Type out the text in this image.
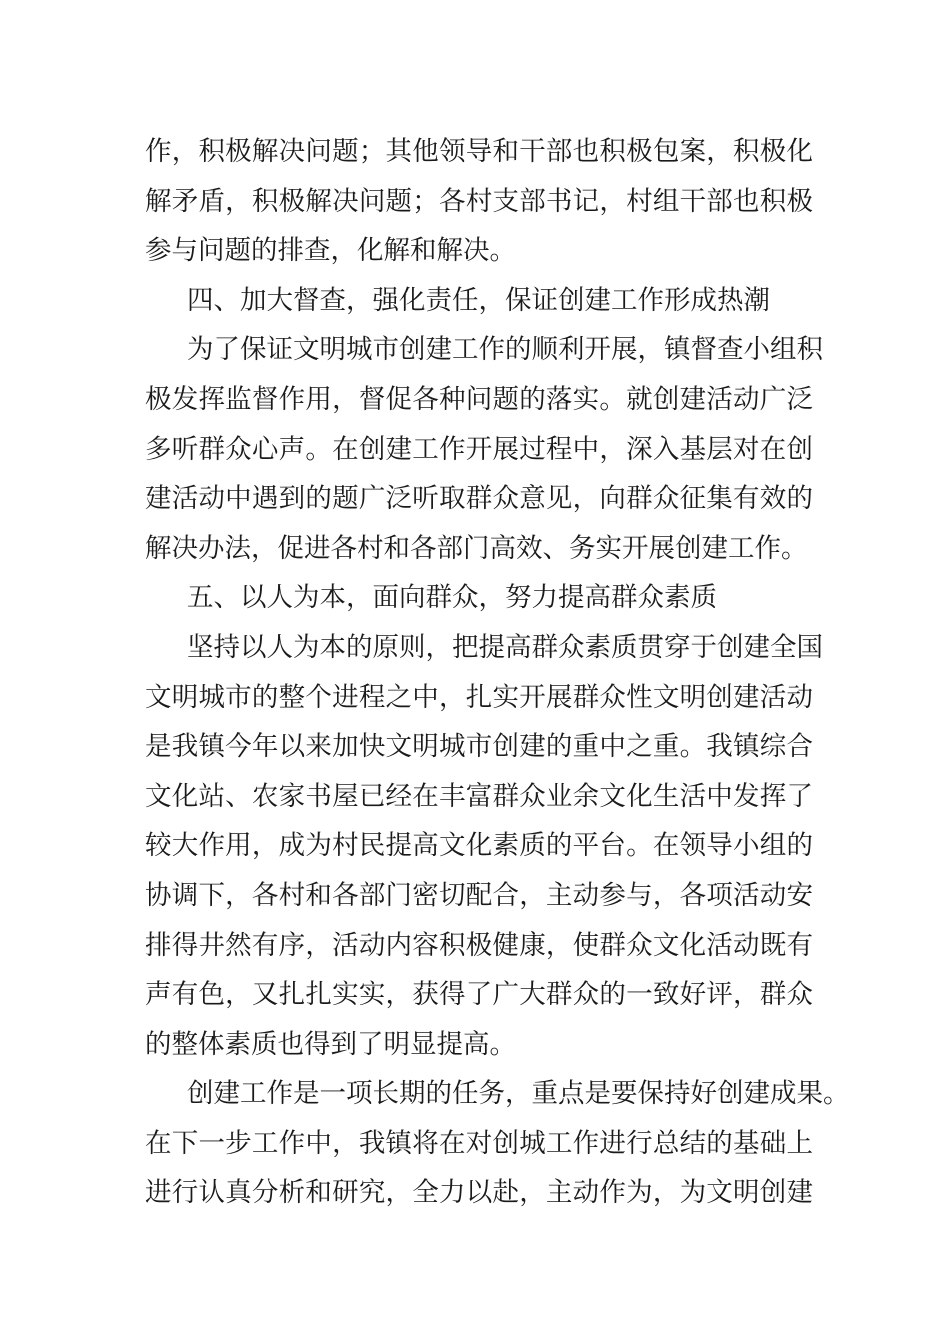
作，积极解决问题；其他领导和干部也积极包案，积极化
解矛盾，积极解决问题；各村支部书记，村组干部也积极
参与问题的排查，化解和解决。
四、加大督查，强化责任，保证创建工作形成热潮
为了保证文明城市创建工作的顺利开展，镇督查小组积
极发挥监督作用，督促各种问题的落实。就创建活动广泛
多听群众心声。在创建工作开展过程中，深入基层对在创
建活动中遇到的题广泛听取群众意见，向群众征集有效的
解决办法，促进各村和各部门高效、务实开展创建工作。
五、以人为本，面向群众，努力提高群众素质
坚持以人为本的原则，把提高群众素质贯穿于创建全国
文明城市的整个进程之中，扎实开展群众性文明创建活动
是我镇今年以来加快文明城市创建的重中之重。我镇综合
文化站、农家书屋已经在丰富群众业余文化生活中发挥了
较大作用，成为村民提高文化素质的平台。在领导小组的
协调下，各村和各部门密切配合，主动参与，各项活动安
排得井然有序，活动内容积极健康，使群众文化活动既有
声有色，又扎扎实实，获得了广大群众的一致好评，群众
的整体素质也得到了明显提高。
创建工作是一项长期的任务，重点是要保持好创建成果。
在下一步工作中，我镇将在对创城工作进行总结的基础上
进行认真分析和研究，全力以赴，主动作为，为文明创建
